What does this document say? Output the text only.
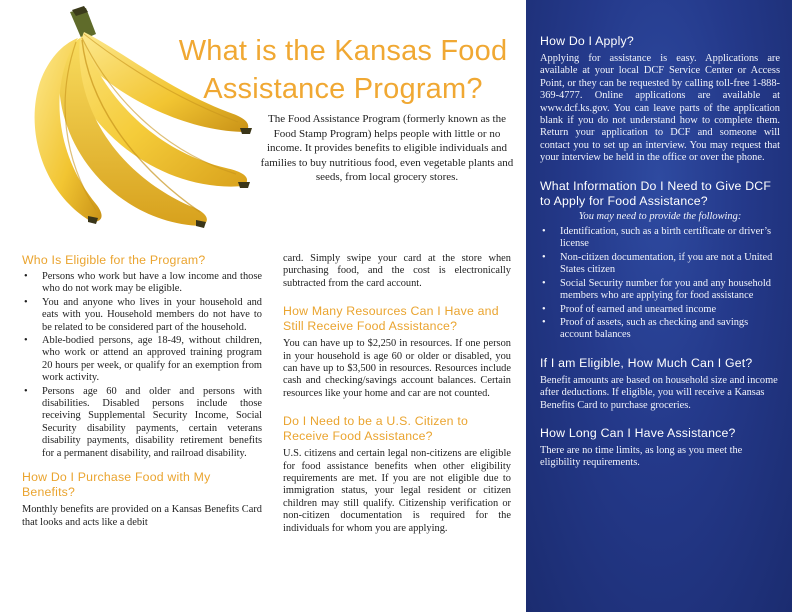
What is the Kansas Food Assistance Program?
The Food Assistance Program (formerly known as the Food Stamp Program) helps people with little or no income. It provides benefits to eligible individuals and families to buy nutritious food, even vegetable plants and seeds, from local grocery stores.
Who Is Eligible for the Program?
• Persons who work but have a low income and those who do not work may be eligible.
• You and anyone who lives in your household and eats with you. Household members do not have to be related to be considered part of the household.
• Able-bodied persons, age 18-49, without children, who work or attend an approved training program 20 hours per week, or qualify for an exemption from work activity.
• Persons age 60 and older and persons with disabilities. Disabled persons include those receiving Supplemental Security Income, Social Security disability payments, certain veterans disability payments, disability retirement benefits for a permanent disability, and railroad disability.
How Do I Purchase Food with My Benefits?

Monthly benefits are provided on a Kansas Benefits Card that looks and acts like a debit

card. Simply swipe your card at the store when purchasing food, and the cost is electronically subtracted from the card account.

How Many Resources Can I Have and Still Receive Food Assistance?

You can have up to $2,250 in resources. If one person in your household is age 60 or older or disabled, you can have up to $3,500 in resources. Resources include cash and checking/savings account balances. Certain resources like your home and car are not counted.

Do I Need to be a U.S. Citizen to Receive Food Assistance?

U.S. citizens and certain legal non-citizens are eligible for food assistance benefits when other eligibility requirements are met. If you are not eligible due to immigration status, your legal resident or citizen children may still qualify. Citizenship verification or non-citizen documentation is required for the individuals for whom you are applying.

How Do I Apply?

Applying for assistance is easy. Applications are available at your local DCF Service Center or Access Point, or they can be requested by calling toll-free 1-888-369-4777. Online applications are available at www.dcf.ks.gov. You can leave parts of the application blank if you do not understand how to complete them. Return your application to DCF and someone will contact you to set up an interview. You may request that your interview be held in the office or over the phone.

What Information Do I Need to Give DCF to Apply for Food Assistance?

You may need to provide the following:

• Identification, such as a birth certificate or driver’s license
• Non-citizen documentation, if you are not a United States citizen
• Social Security number for you and any household members who are applying for food assistance
• Proof of earned and unearned income
• Proof of assets, such as checking and savings account balances
If I am Eligible, How Much Can I Get?

Benefit amounts are based on household size and income after deductions. If eligible, you will receive a Kansas Benefits Card to purchase groceries.

How Long Can I Have Assistance?

There are no time limits, as long as you meet the eligibility requirements.
